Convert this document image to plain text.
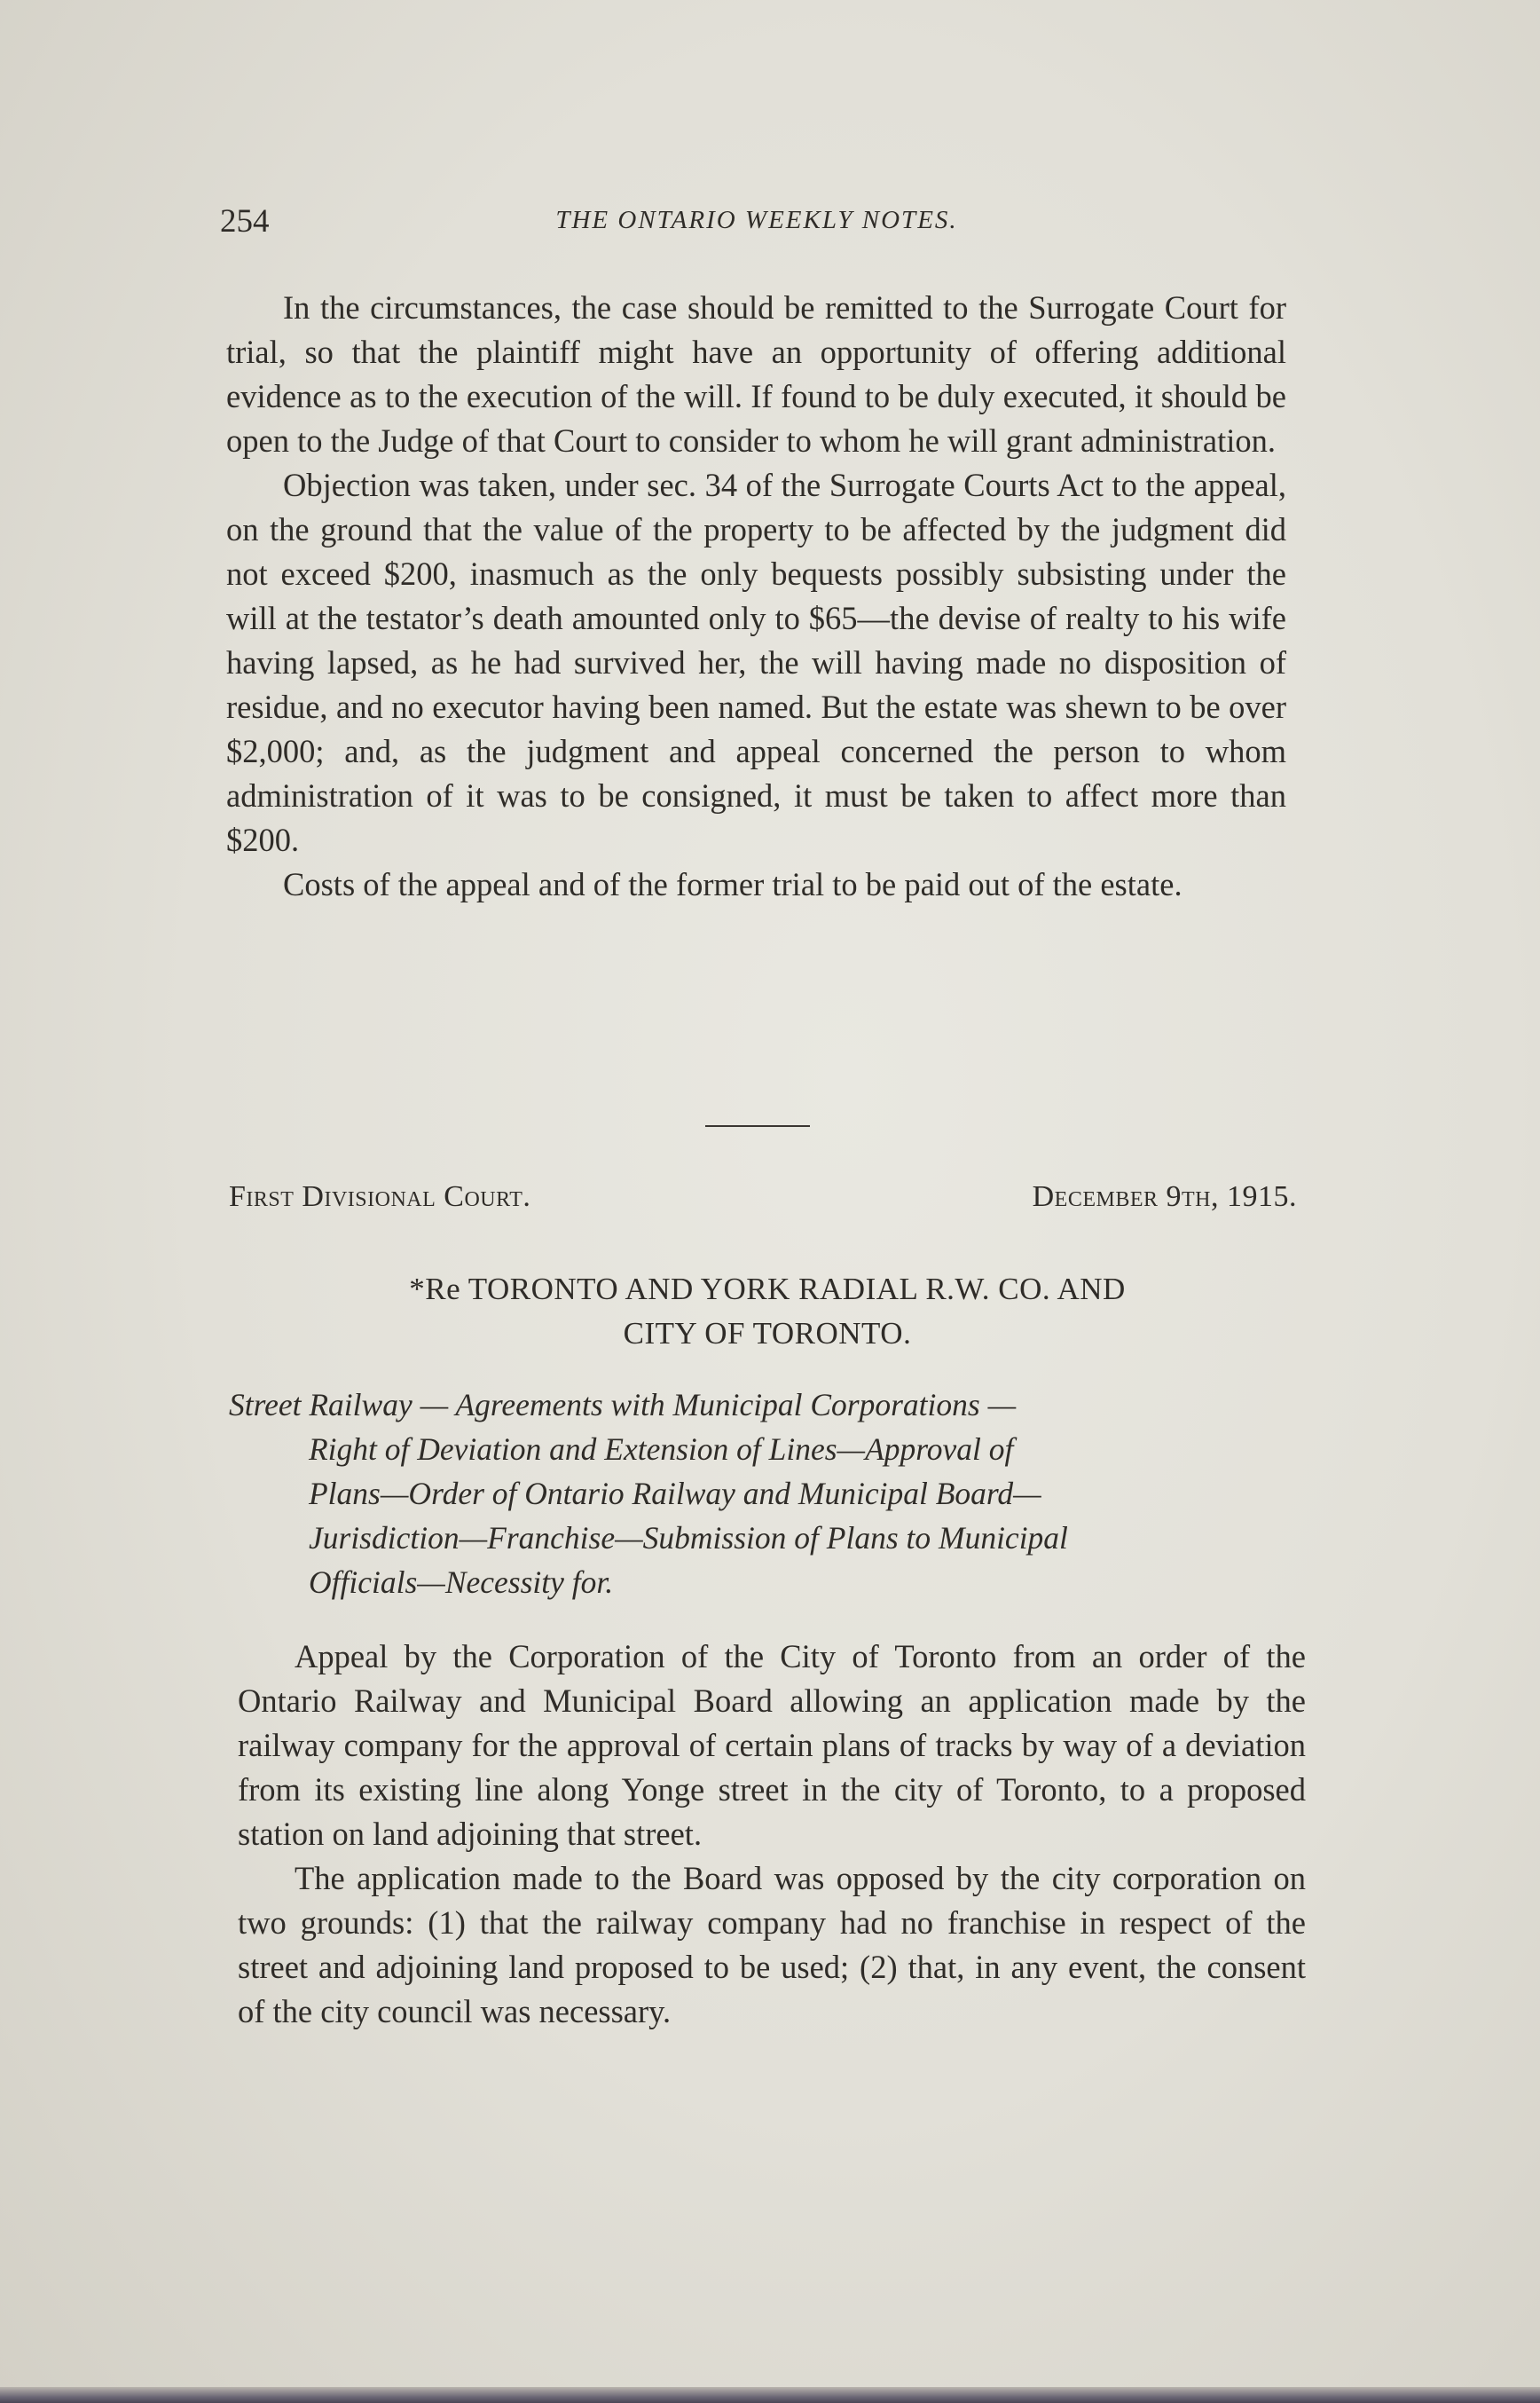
254	THE ONTARIO WEEKLY NOTES.

In the circumstances, the case should be remitted to the Surrogate Court for trial, so that the plaintiff might have an opportunity of offering additional evidence as to the execution of the will. If found to be duly executed, it should be open to the Judge of that Court to consider to whom he will grant administration.

Objection was taken, under sec. 34 of the Surrogate Courts Act to the appeal, on the ground that the value of the property to be affected by the judgment did not exceed $200, inasmuch as the only bequests possibly subsisting under the will at the testator’s death amounted only to $65—the devise of realty to his wife having lapsed, as he had survived her, the will having made no disposition of residue, and no executor having been named. But the estate was shewn to be over $2,000; and, as the judgment and appeal concerned the person to whom administration of it was to be consigned, it must be taken to affect more than $200.

Costs of the appeal and of the former trial to be paid out of the estate.

First Divisional Court.	December 9th, 1915.
*Re TORONTO AND YORK RADIAL R.W. CO. AND
CITY OF TORONTO.
Street Railway — Agreements with Municipal Corporations —
Right of Deviation and Extension of Lines—Approval of
Plans—Order of Ontario Railway and Municipal Board—
Jurisdiction—Franchise—Submission of Plans to Municipal
Officials—Necessity for.

Appeal by the Corporation of the City of Toronto from an order of the Ontario Railway and Municipal Board allowing an application made by the railway company for the approval of certain plans of tracks by way of a deviation from its existing line along Yonge street in the city of Toronto, to a proposed station on land adjoining that street.

The application made to the Board was opposed by the city corporation on two grounds: (1) that the railway company had no franchise in respect of the street and adjoining land proposed to be used; (2) that, in any event, the consent of the city council was necessary.
